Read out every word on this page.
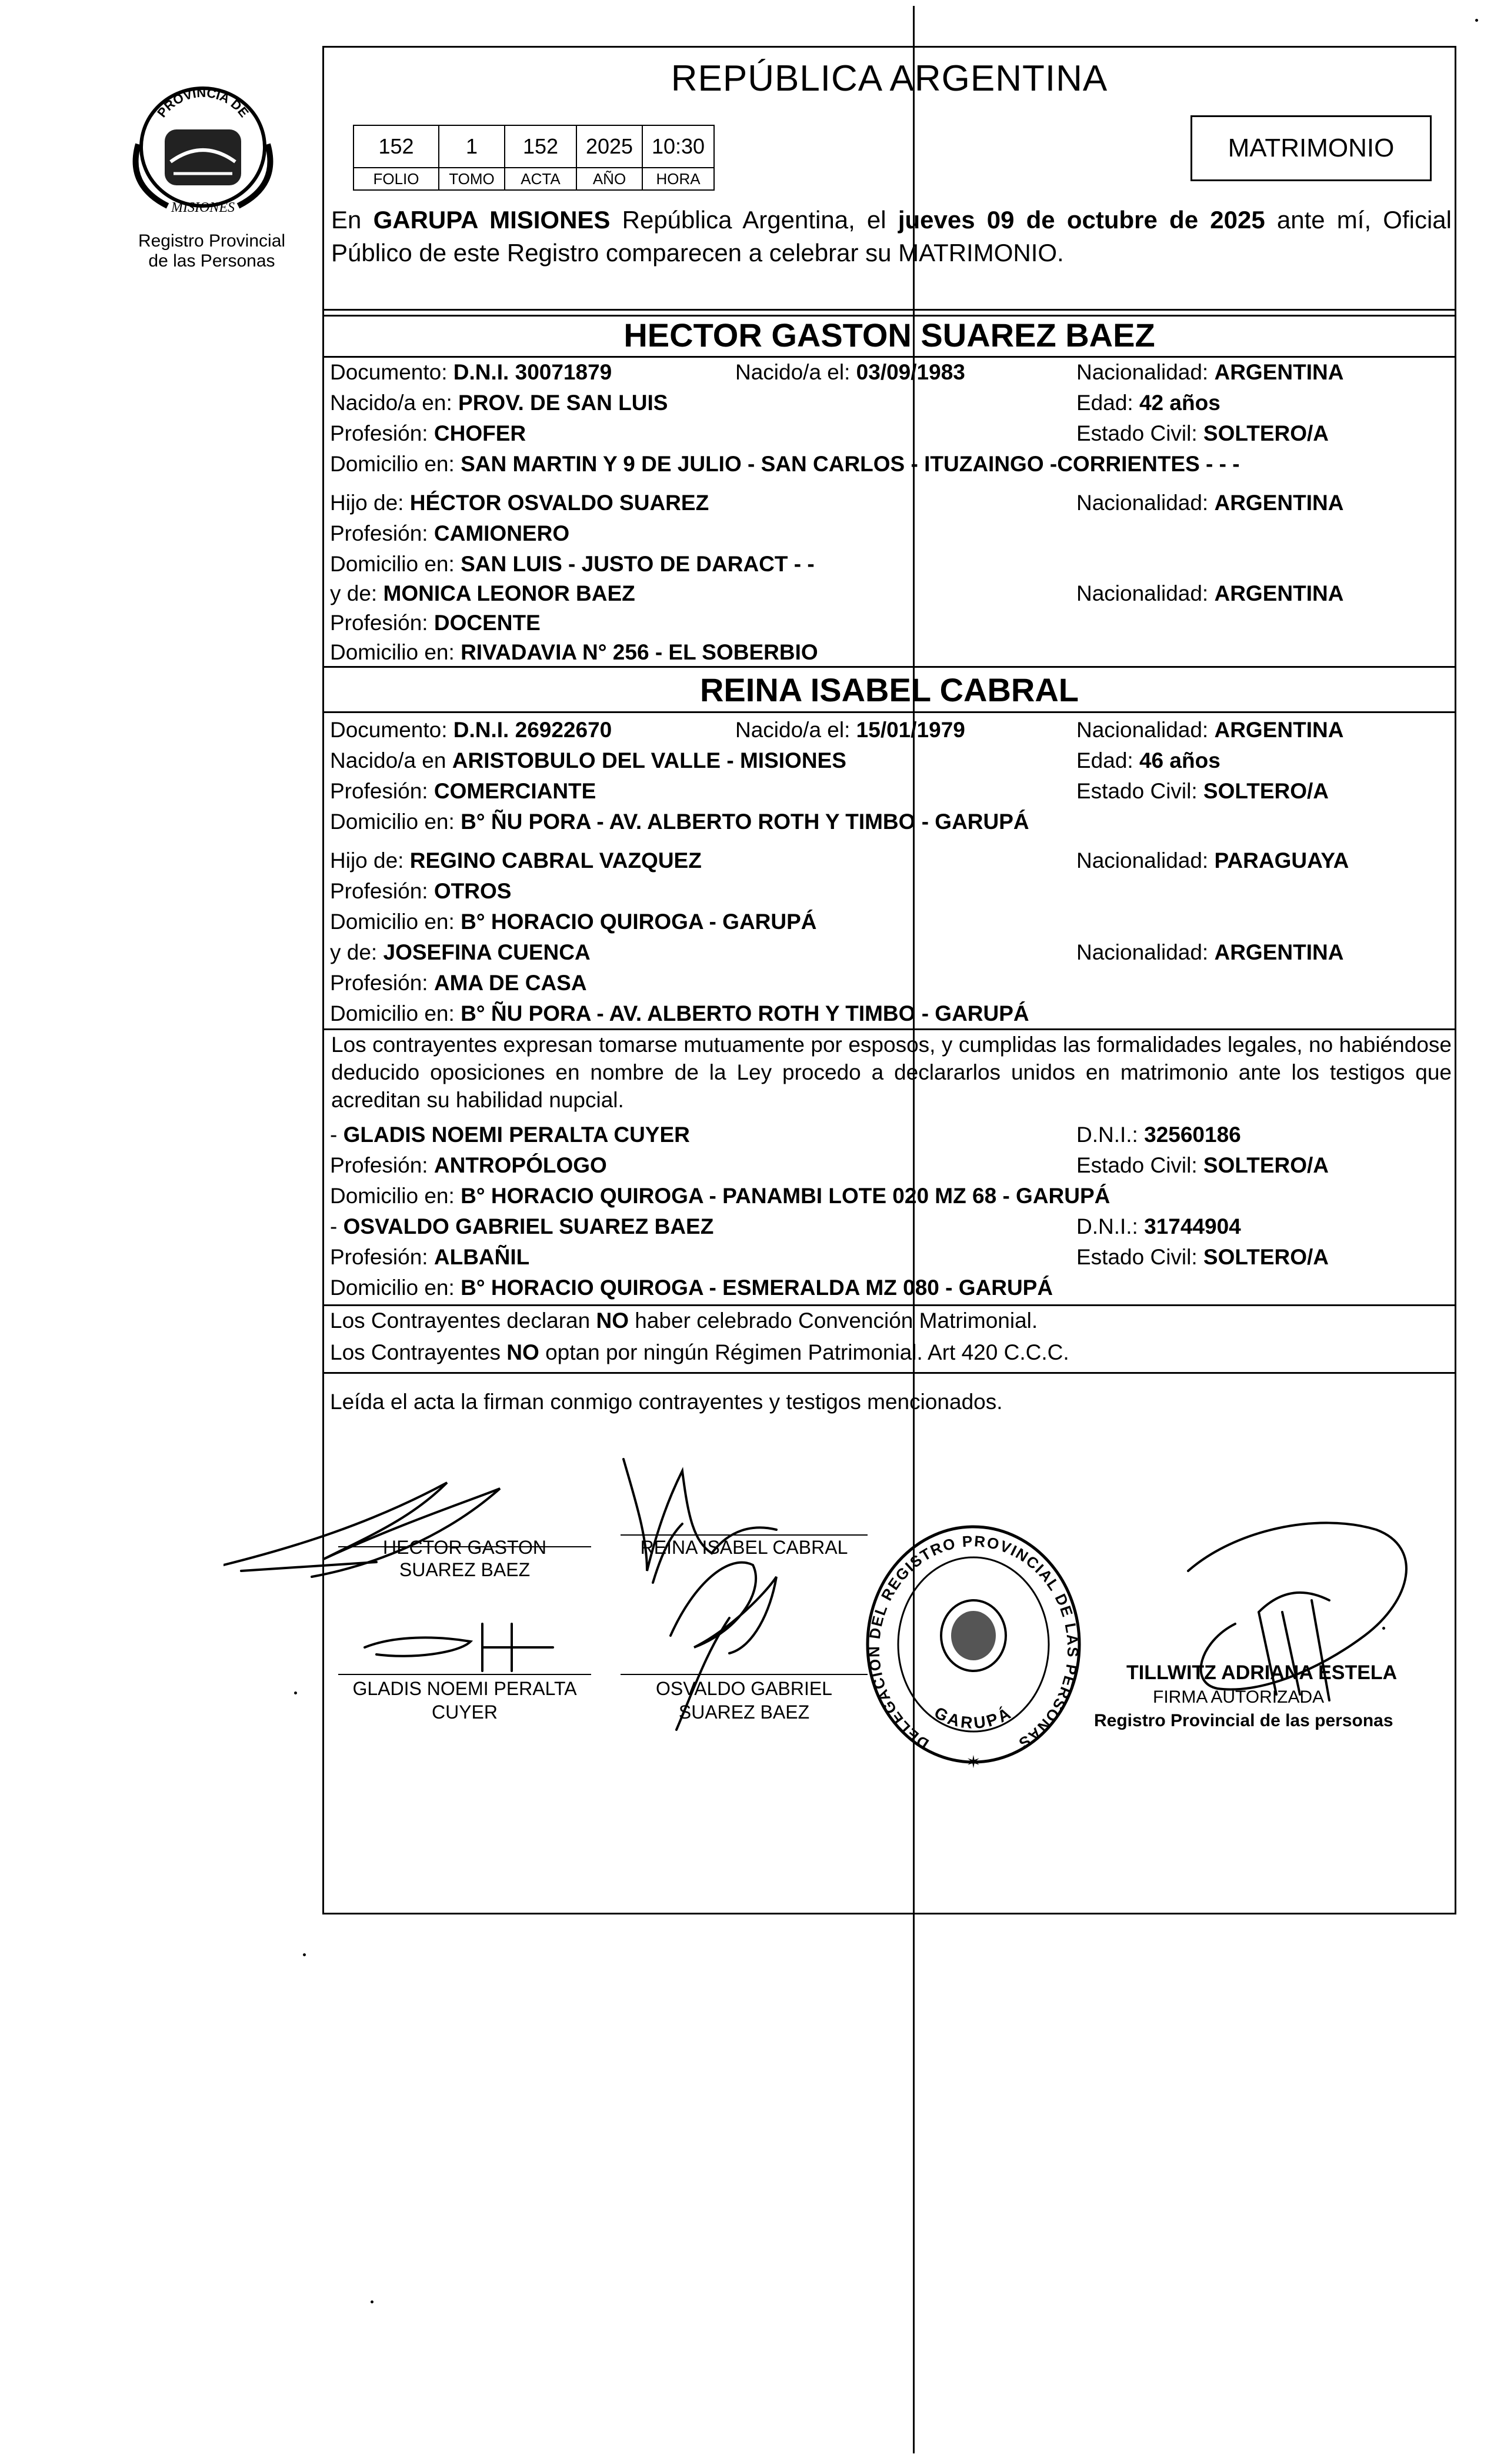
PROVINCIA DE
MISIONES
Registro Provincial
de las Personas
REPÚBLICA ARGENTINA
152	1	152	2025	10:30
FOLIO	TOMO	ACTA	AÑO	HORA
MATRIMONIO
En GARUPA MISIONES República Argentina, el jueves 09 de octubre de 2025 ante mí, Oficial Público de este Registro comparecen a celebrar su MATRIMONIO.
HECTOR GASTON SUAREZ BAEZ
Documento: D.N.I. 30071879	Nacido/a el: 03/09/1983	Nacionalidad: ARGENTINA
Nacido/a en: PROV. DE SAN LUIS	Edad: 42 años
Profesión: CHOFER	Estado Civil: SOLTERO/A
Domicilio en: SAN MARTIN Y 9 DE JULIO - SAN CARLOS - ITUZAINGO -CORRIENTES - - -
Hijo de: HÉCTOR OSVALDO SUAREZ	Nacionalidad: ARGENTINA
Profesión: CAMIONERO
Domicilio en: SAN LUIS - JUSTO DE DARACT - -
y de: MONICA LEONOR BAEZ	Nacionalidad: ARGENTINA
Profesión: DOCENTE
Domicilio en: RIVADAVIA N° 256 - EL SOBERBIO
REINA ISABEL CABRAL
Documento: D.N.I. 26922670	Nacido/a el: 15/01/1979	Nacionalidad: ARGENTINA
Nacido/a en ARISTOBULO DEL VALLE - MISIONES	Edad: 46 años
Profesión: COMERCIANTE	Estado Civil: SOLTERO/A
Domicilio en: B° ÑU PORA - AV. ALBERTO ROTH Y TIMBO - GARUPÁ
Hijo de: REGINO CABRAL VAZQUEZ	Nacionalidad: PARAGUAYA
Profesión: OTROS
Domicilio en: B° HORACIO QUIROGA - GARUPÁ
y de: JOSEFINA CUENCA	Nacionalidad: ARGENTINA
Profesión: AMA DE CASA
Domicilio en: B° ÑU PORA - AV. ALBERTO ROTH Y TIMBO - GARUPÁ
Los contrayentes expresan tomarse mutuamente por esposos, y cumplidas las formalidades legales, no habiéndose deducido oposiciones en nombre de la Ley procedo a declararlos unidos en matrimonio ante los testigos que acreditan su habilidad nupcial.
- GLADIS NOEMI PERALTA CUYER	D.N.I.: 32560186
Profesión: ANTROPÓLOGO	Estado Civil: SOLTERO/A
Domicilio en: B° HORACIO QUIROGA - PANAMBI LOTE 020 MZ 68 - GARUPÁ
- OSVALDO GABRIEL SUAREZ BAEZ	D.N.I.: 31744904
Profesión: ALBAÑIL	Estado Civil: SOLTERO/A
Domicilio en: B° HORACIO QUIROGA - ESMERALDA MZ 080 - GARUPÁ
Los Contrayentes declaran NO haber celebrado Convención Matrimonial.
Los Contrayentes NO optan por ningún Régimen Patrimonial. Art 420 C.C.C.
Leída el acta la firman conmigo contrayentes y testigos mencionados.
HECTOR GASTON
SUAREZ BAEZ
REINA ISABEL CABRAL
GLADIS NOEMI PERALTA
CUYER
OSVALDO GABRIEL
SUAREZ BAEZ
DELEGACION DEL REGISTRO PROVINCIAL DE LAS PERSONAS
GARUPÁ
✶
TILLWITZ ADRIANA ESTELA
FIRMA AUTORIZADA
Registro Provincial de las personas
